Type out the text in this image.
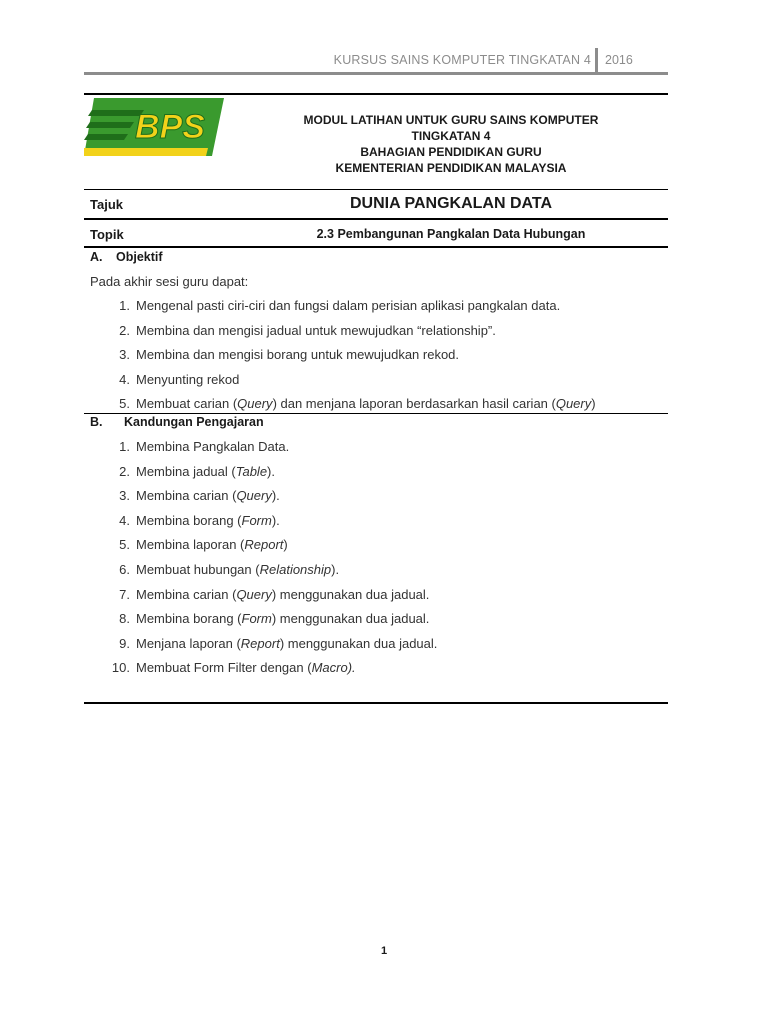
KURSUS SAINS KOMPUTER TINGKATAN 4 2016
BPS	MODUL LATIHAN UNTUK GURU SAINS KOMPUTER
TINGKATAN 4
BAHAGIAN PENDIDIKAN GURU
KEMENTERIAN PENDIDIKAN MALAYSIA
Tajuk	DUNIA PANGKALAN DATA
Topik	2.3 Pembangunan Pangkalan Data Hubungan
A. Objektif
Pada akhir sesi guru dapat:
1. Mengenal pasti ciri-ciri dan fungsi dalam perisian aplikasi pangkalan data.
2. Membina dan mengisi jadual untuk mewujudkan “relationship”.
3. Membina dan mengisi borang untuk mewujudkan rekod.
4. Menyunting rekod
5. Membuat carian (Query) dan menjana laporan berdasarkan hasil carian (Query)
B. Kandungan Pengajaran
1. Membina Pangkalan Data.
2. Membina jadual (Table).
3. Membina carian (Query).
4. Membina borang (Form).
5. Membina laporan (Report)
6. Membuat hubungan (Relationship).
7. Membina carian (Query) menggunakan dua jadual.
8. Membina borang (Form) menggunakan dua jadual.
9. Menjana laporan (Report) menggunakan dua jadual.
10. Membuat Form Filter dengan (Macro).
1
